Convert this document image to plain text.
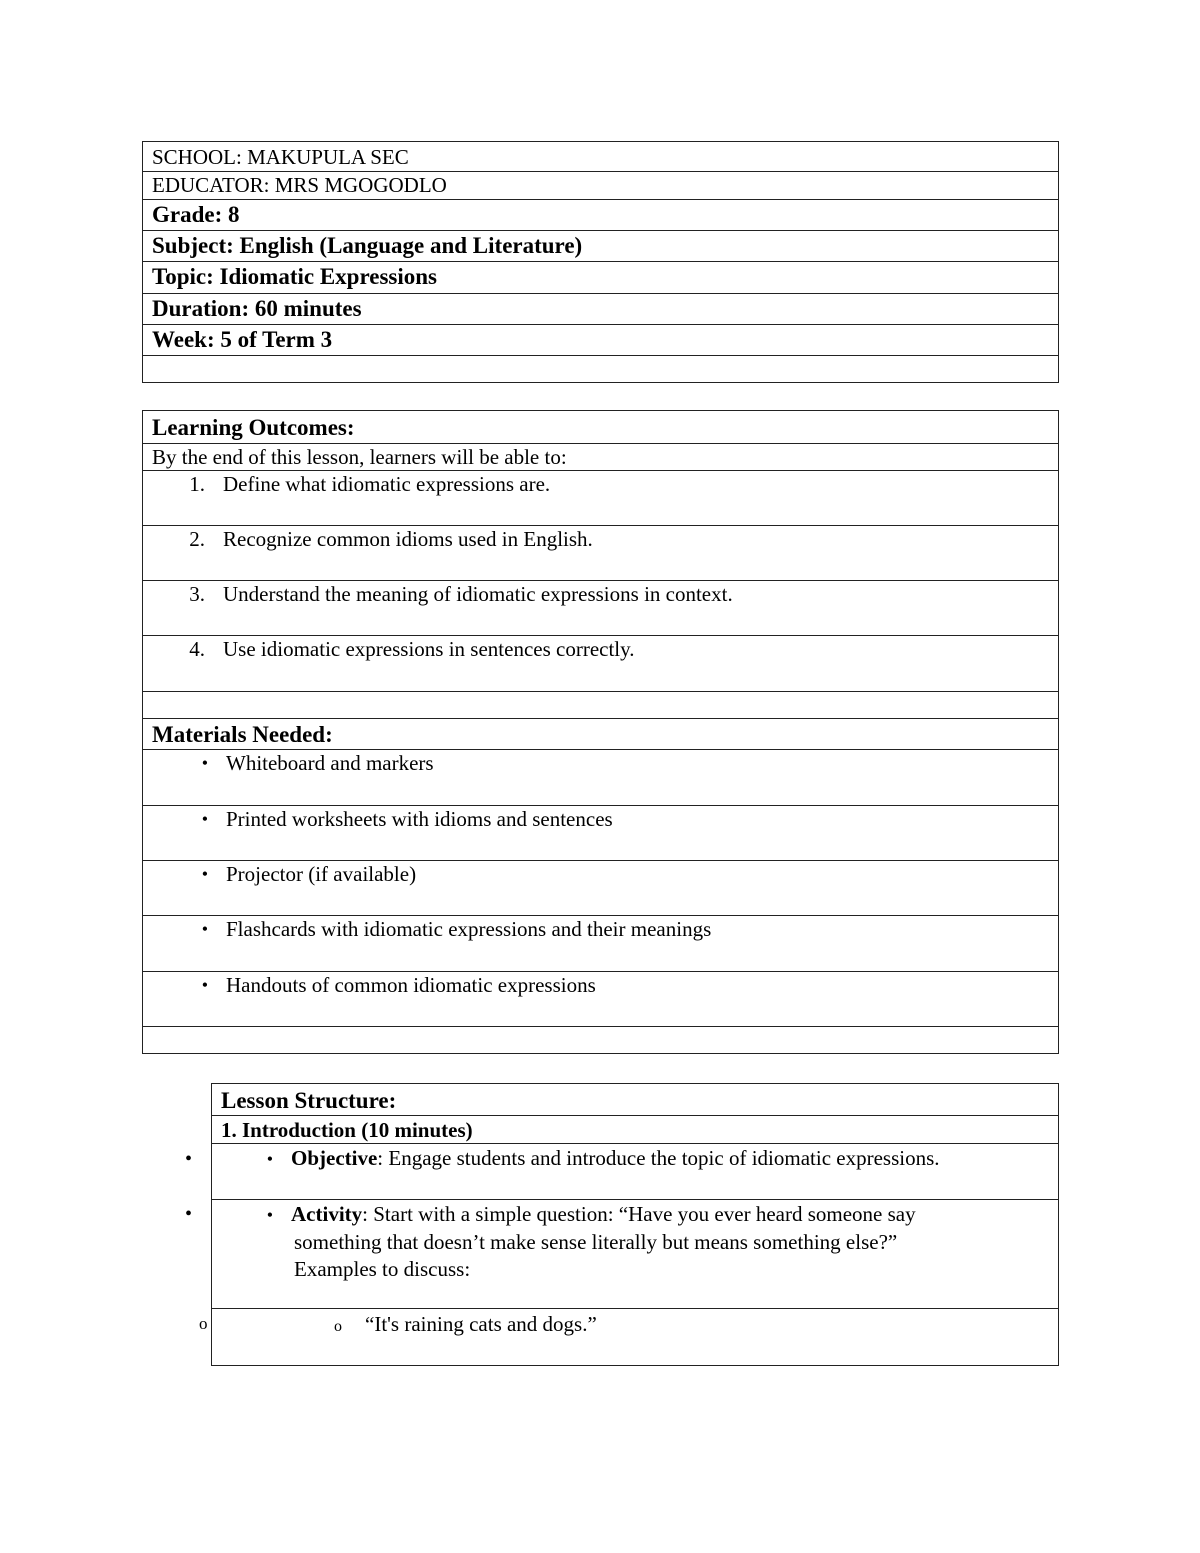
SCHOOL: MAKUPULA SEC
EDUCATOR: MRS MGOGODLO
Grade: 8
Subject: English (Language and Literature)
Topic: Idiomatic Expressions
Duration: 60 minutes
Week: 5 of Term 3

Learning Outcomes:
By the end of this lesson, learners will be able to:

1. Define what idiomatic expressions are.

2. Recognize common idioms used in English.

3. Understand the meaning of idiomatic expressions in context.

4. Use idiomatic expressions in sentences correctly.

Materials Needed:

• Whiteboard and markers

• Printed worksheets with idioms and sentences

• Projector (if available)

• Flashcards with idiomatic expressions and their meanings

• Handouts of common idiomatic expressions

•
•
o
Lesson Structure:
1. Introduction (10 minutes)
• Objective: Engage students and introduce the topic of idiomatic expressions.

• Activity: Start with a simple question: “Have you ever heard someone say
something that doesn’t make sense literally but means something else?”
Examples to discuss:

o “It's raining cats and dogs.”
